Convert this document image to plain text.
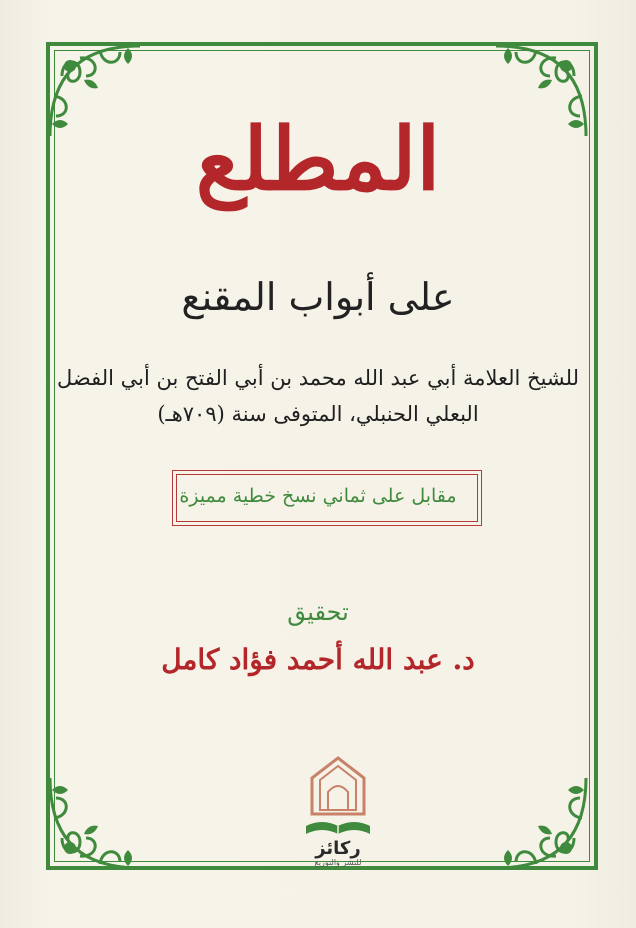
المطلع
على أبواب المقنع
للشيخ العلامة أبي عبد الله محمد بن أبي الفتح بن أبي الفضل
البعلي الحنبلي، المتوفى سنة (٧٠٩هـ)
مقابل على ثماني نسخ خطية مميزة
تحقيق
د. عبد الله أحمد فؤاد كامل
ركائز
للنشر والتوزيع
